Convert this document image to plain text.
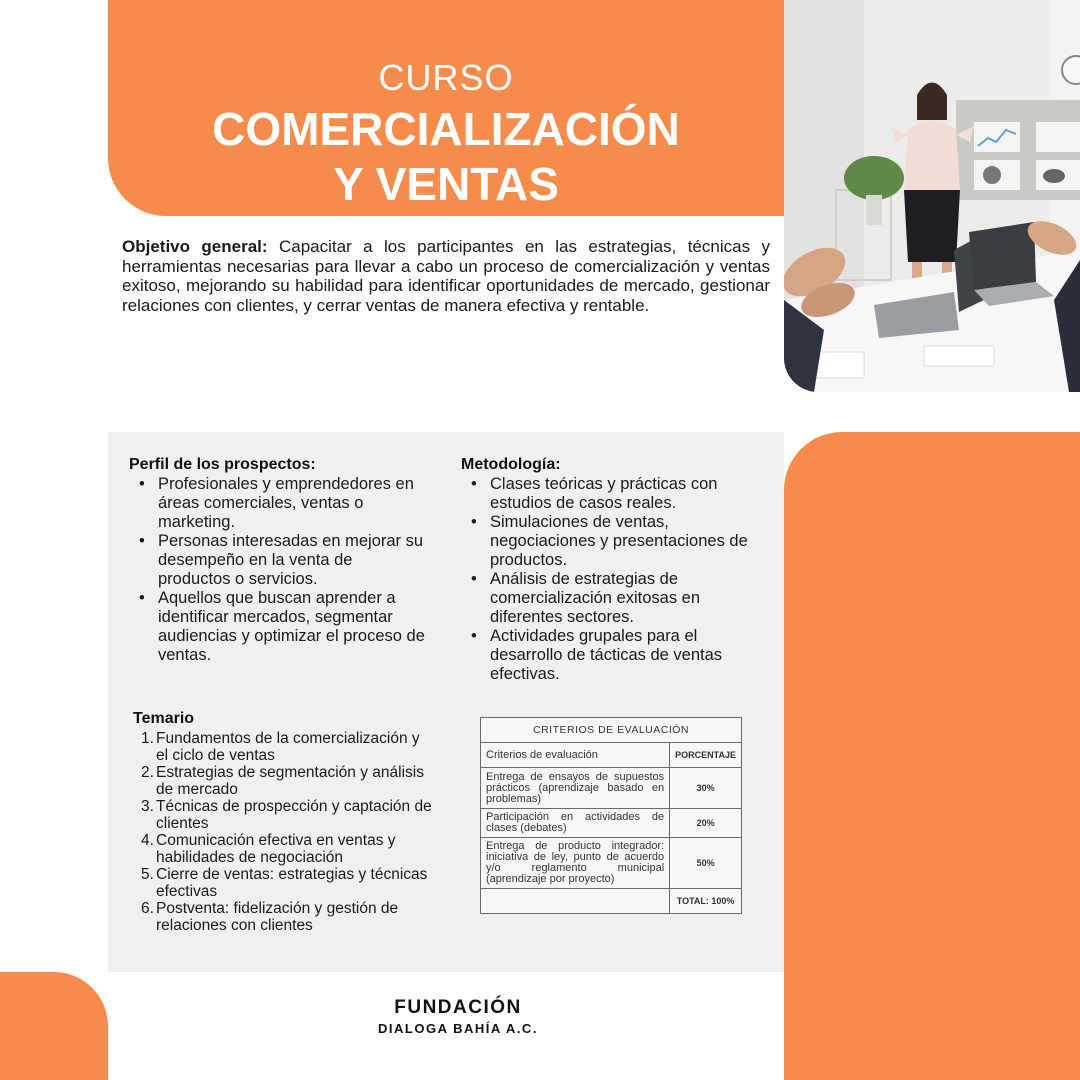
CURSO
COMERCIALIZACIÓN
Y VENTAS
Objetivo general: Capacitar a los participantes en las estrategias, técnicas y herramientas necesarias para llevar a cabo un proceso de comercialización y ventas exitoso, mejorando su habilidad para identificar oportunidades de mercado, gestionar relaciones con clientes, y cerrar ventas de manera efectiva y rentable.
Perfil de los prospectos:
• Profesionales y emprendedores en áreas comerciales, ventas o marketing.
• Personas interesadas en mejorar su desempeño en la venta de productos o servicios.
• Aquellos que buscan aprender a identificar mercados, segmentar audiencias y optimizar el proceso de ventas.
Metodología:
• Clases teóricas y prácticas con estudios de casos reales.
• Simulaciones de ventas, negociaciones y presentaciones de productos.
• Análisis de estrategias de comercialización exitosas en diferentes sectores.
• Actividades grupales para el desarrollo de tácticas de ventas efectivas.
Temario
1. Fundamentos de la comercialización y el ciclo de ventas
2. Estrategias de segmentación y análisis de mercado
3. Técnicas de prospección y captación de clientes
4. Comunicación efectiva en ventas y habilidades de negociación
5. Cierre de ventas: estrategias y técnicas efectivas
6. Postventa: fidelización y gestión de relaciones con clientes
CRITERIOS DE EVALUACIÓN	
Criterios de evaluación	PORCENTAJE
Entrega de ensayos de supuestos prácticos (aprendizaje basado en problemas)	30%
Participación en actividades de clases (debates)	20%
Entrega de producto integrador: iniciativa de ley, punto de acuerdo y/o reglamento municipal (aprendizaje por proyecto)	50%
	TOTAL: 100%
FUNDACIÓN
DIALOGA BAHÍA A.C.
